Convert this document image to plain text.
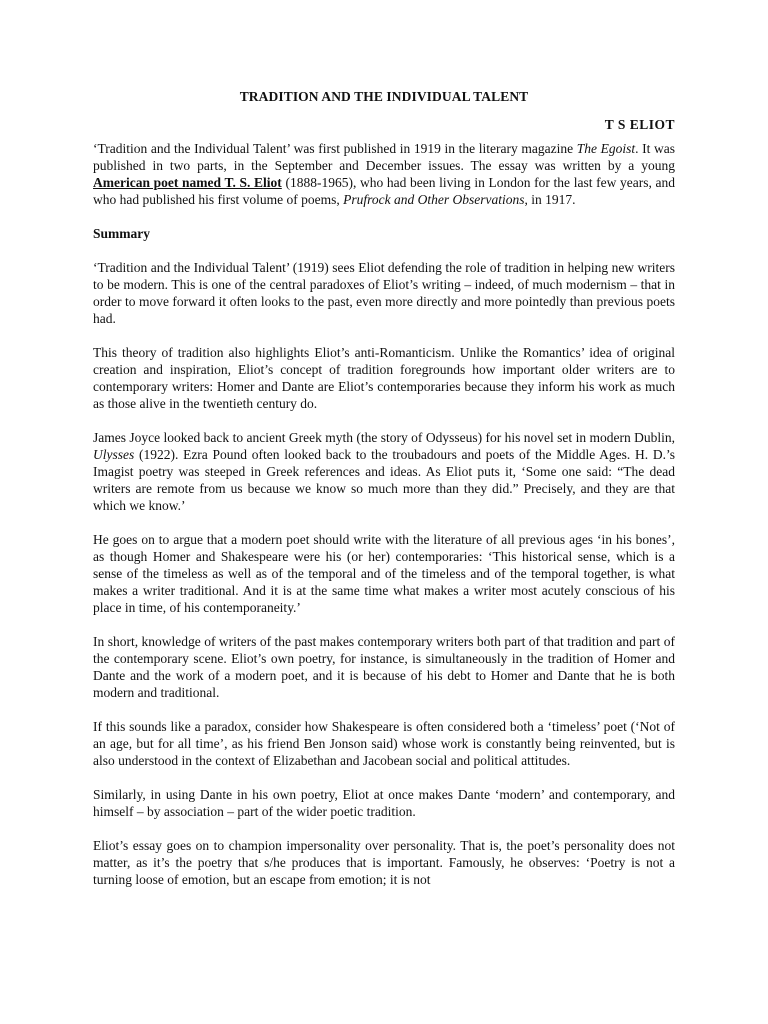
TRADITION AND THE INDIVIDUAL TALENT
T S ELIOT

‘Tradition and the Individual Talent’ was first published in 1919 in the literary magazine The Egoist. It was published in two parts, in the September and December issues. The essay was written by a young American poet named T. S. Eliot (1888-1965), who had been living in London for the last few years, and who had published his first volume of poems, Prufrock and Other Observations, in 1917.

Summary

‘Tradition and the Individual Talent’ (1919) sees Eliot defending the role of tradition in helping new writers to be modern. This is one of the central paradoxes of Eliot’s writing – indeed, of much modernism – that in order to move forward it often looks to the past, even more directly and more pointedly than previous poets had.

This theory of tradition also highlights Eliot’s anti-Romanticism. Unlike the Romantics’ idea of original creation and inspiration, Eliot’s concept of tradition foregrounds how important older writers are to contemporary writers: Homer and Dante are Eliot’s contemporaries because they inform his work as much as those alive in the twentieth century do.

James Joyce looked back to ancient Greek myth (the story of Odysseus) for his novel set in modern Dublin, Ulysses (1922). Ezra Pound often looked back to the troubadours and poets of the Middle Ages. H. D.’s Imagist poetry was steeped in Greek references and ideas. As Eliot puts it, ‘Some one said: “The dead writers are remote from us because we know so much more than they did.” Precisely, and they are that which we know.’

He goes on to argue that a modern poet should write with the literature of all previous ages ‘in his bones’, as though Homer and Shakespeare were his (or her) contemporaries: ‘This historical sense, which is a sense of the timeless as well as of the temporal and of the timeless and of the temporal together, is what makes a writer traditional. And it is at the same time what makes a writer most acutely conscious of his place in time, of his contemporaneity.’

In short, knowledge of writers of the past makes contemporary writers both part of that tradition and part of the contemporary scene. Eliot’s own poetry, for instance, is simultaneously in the tradition of Homer and Dante and the work of a modern poet, and it is because of his debt to Homer and Dante that he is both modern and traditional.

If this sounds like a paradox, consider how Shakespeare is often considered both a ‘timeless’ poet (‘Not of an age, but for all time’, as his friend Ben Jonson said) whose work is constantly being reinvented, but is also understood in the context of Elizabethan and Jacobean social and political attitudes.

Similarly, in using Dante in his own poetry, Eliot at once makes Dante ‘modern’ and contemporary, and himself – by association – part of the wider poetic tradition.

Eliot’s essay goes on to champion impersonality over personality. That is, the poet’s personality does not matter, as it’s the poetry that s/he produces that is important. Famously, he observes: ‘Poetry is not a turning loose of emotion, but an escape from emotion; it is not
